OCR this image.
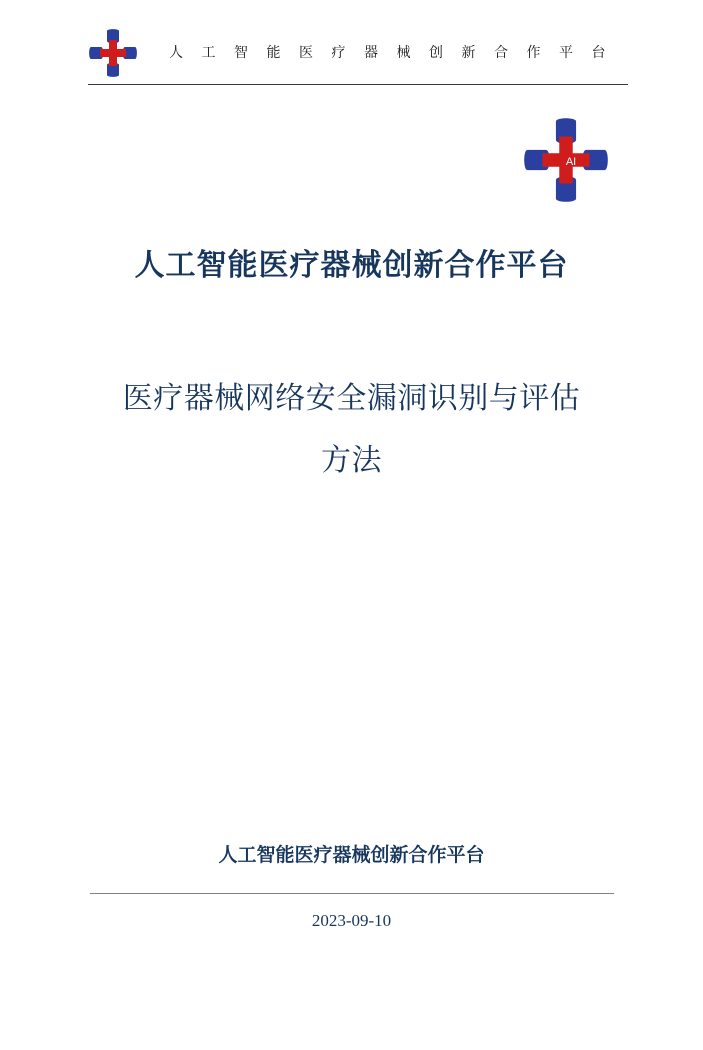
人 工 智 能 医 疗 器 械 创 新 合 作 平 台
AI
人工智能医疗器械创新合作平台
医疗器械网络安全漏洞识别与评估
方法
人工智能医疗器械创新合作平台
2023-09-10
